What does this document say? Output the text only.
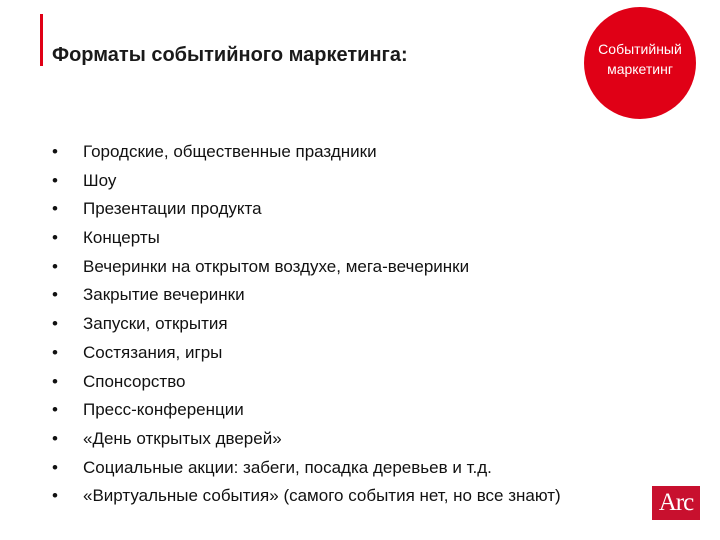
Форматы событийного маркетинга:	Событийный
маркетинг
•	Городские, общественные праздники
•	Шоу
•	Презентации продукта
•	Концерты
•	Вечеринки на открытом воздухе, мега-вечеринки
•	Закрытие вечеринки
•	Запуски, открытия
•	Состязания, игры
•	Спонсорство
•	Пресс-конференции
•	«День открытых дверей»
•	Социальные акции: забеги, посадка деревьев и т.д.
•	«Виртуальные события» (самого события нет, но все знают)	Arc
